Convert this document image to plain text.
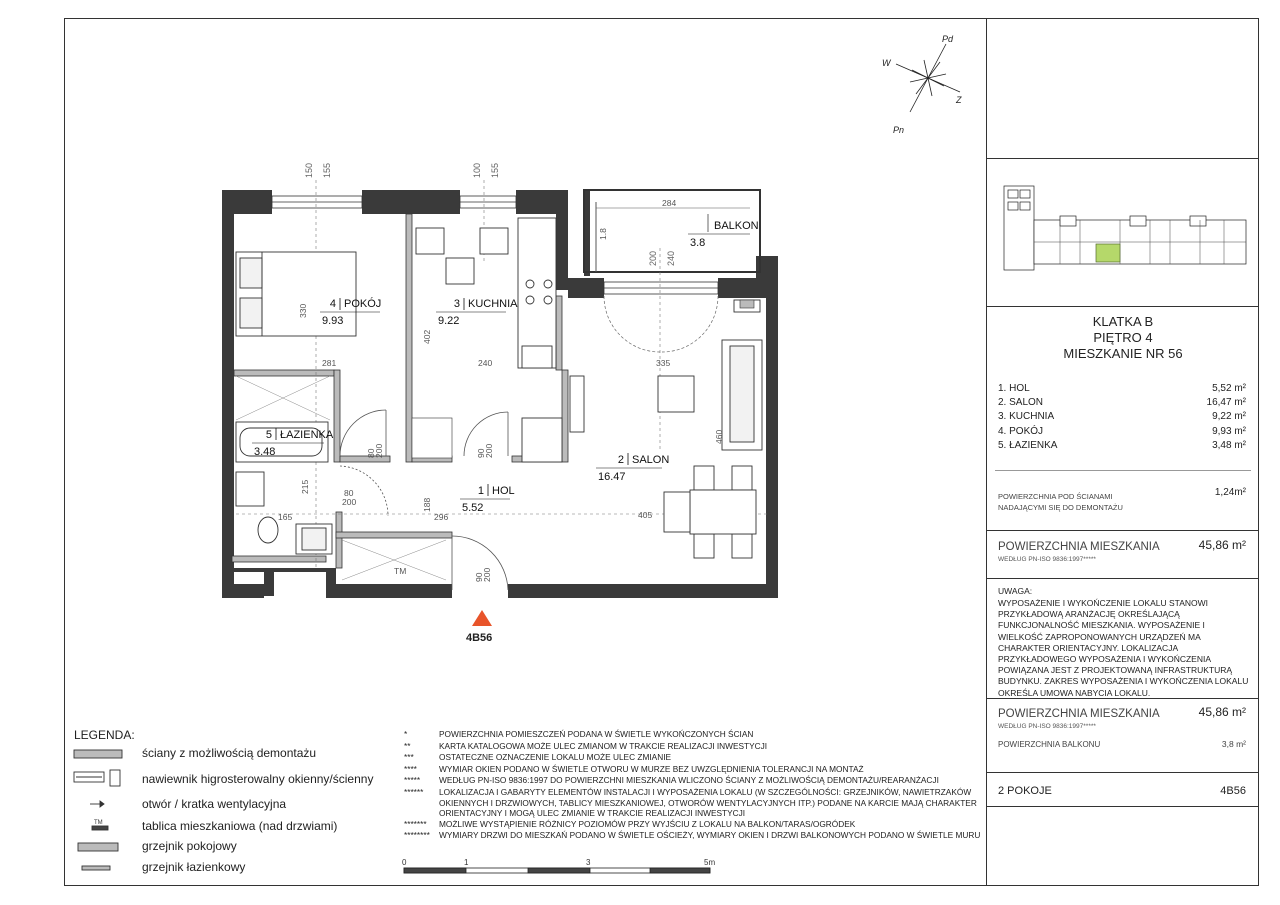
Pd
W
Z
Pn
150 155	100 155
200 240
4 POKÓJ
9.93
3 KUCHNIA
9.22
BALKON
3.8
5 ŁAZIENKA
3.48
2 SALON
16.47
1 HOL
5.52
281	240	335
284
330
402
1.8
460
165
215
296
188
405
80
200	90
200
80
200
90
200
TM
4B56
TM
0	1	3	5m
LEGENDA:
ściany z możliwością demontażu
nawiewnik higrosterowalny okienny/ścienny
otwór / kratka wentylacyjna
tablica mieszkaniowa (nad drzwiami)
grzejnik pokojowy
grzejnik łazienkowy
*	POWIERZCHNIA POMIESZCZEŃ PODANA W ŚWIETLE WYKOŃCZONYCH ŚCIAN
**	KARTA KATALOGOWA MOŻE ULEC ZMIANOM W TRAKCIE REALIZACJI INWESTYCJI
***	OSTATECZNE OZNACZENIE LOKALU MOŻE ULEC ZMIANIE
****	WYMIAR OKIEN PODANO W ŚWIETLE OTWORU W MURZE BEZ UWZGLĘDNIENIA TOLERANCJI NA MONTAŻ
*****	WEDŁUG PN-ISO 9836:1997 DO POWIERZCHNI MIESZKANIA WLICZONO ŚCIANY Z MOŻLIWOŚCIĄ DEMONTAŻU/REARANŻACJI
******	LOKALIZACJA I GABARYTY ELEMENTÓW INSTALACJI I WYPOSAŻENIA LOKALU (W SZCZEGÓLNOŚCI: GRZEJNIKÓW, NAWIETRZAKÓW OKIENNYCH I DRZWIOWYCH, TABLICY MIESZKANIOWEJ, OTWORÓW WENTYLACYJNYCH ITP.) PODANE NA KARCIE MAJĄ CHARAKTER ORIENTACYJNY I MOGĄ ULEC ZMIANIE W TRAKCIE REALIZACJI INWESTYCJI
*******	MOŻLIWE WYSTĄPIENIE RÓŻNICY POZIOMÓW PRZY WYJŚCIU Z LOKALU NA BALKON/TARAS/OGRÓDEK
********	WYMIARY DRZWI DO MIESZKAŃ PODANO W ŚWIETLE OŚCIEŻY, WYMIARY OKIEN I DRZWI BALKONOWYCH PODANO W ŚWIETLE MURU
KLATKA B
PIĘTRO 4
MIESZKANIE NR 56
1. HOL	5,52 m²
2. SALON	16,47 m²
3. KUCHNIA	9,22 m²
4. POKÓJ	9,93 m²
5. ŁAZIENKA	3,48 m²
POWIERZCHNIA POD ŚCIANAMI
NADAJĄCYMI SIĘ DO DEMONTAŻU
1,24m²
POWIERZCHNIA MIESZKANIA
WEDŁUG PN-ISO 9836:1997*****
45,86 m²
UWAGA:
WYPOSAŻENIE I WYKOŃCZENIE LOKALU STANOWI PRZYKŁADOWĄ ARANŻACJĘ OKREŚLAJĄCĄ FUNKCJONALNOŚĆ MIESZKANIA. WYPOSAŻENIE I WIELKOŚĆ ZAPROPONOWANYCH URZĄDZEŃ MA CHARAKTER ORIENTACYJNY. LOKALIZACJA PRZYKŁADOWEGO WYPOSAŻENIA I WYKOŃCZENIA POWIĄZANA JEST Z PROJEKTOWANĄ INFRASTRUKTURĄ BUDYNKU. ZAKRES WYPOSAŻENIA I WYKOŃCZENIA LOKALU OKREŚLA UMOWA NABYCIA LOKALU.
POWIERZCHNIA MIESZKANIA
WEDŁUG PN-ISO 9836:1997*****
45,86 m²
POWIERZCHNIA BALKONU	3,8 m²
2 POKOJE	4B56
